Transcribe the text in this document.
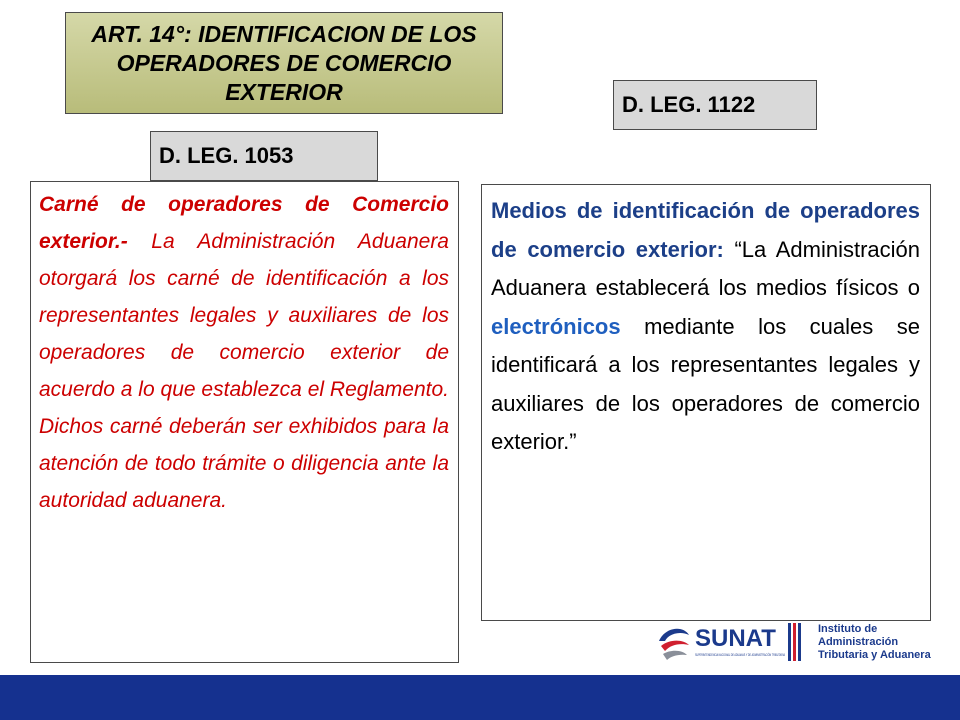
ART. 14°: IDENTIFICACION DE LOS OPERADORES DE COMERCIO EXTERIOR	D. LEG. 1122
D. LEG. 1053

Carné de operadores de Comercio exterior.- La Administración Aduanera otorgará los carné de identificación a los representantes legales y auxiliares de los operadores de comercio exterior de acuerdo a lo que establezca el Reglamento. Dichos carné deberán ser exhibidos para la atención de todo trámite o diligencia ante la autoridad aduanera.

Medios de identificación de operadores de comercio exterior: “La Administración Aduanera establecerá los medios físicos o electrónicos mediante los cuales se identificará a los representantes legales y auxiliares de los operadores de comercio exterior.”

SUNAT
SUPERINTENDENCIA NACIONAL DE ADUANAS Y DE ADMINISTRACIÓN TRIBUTARIA
Instituto de
Administración
Tributaria y Aduanera
